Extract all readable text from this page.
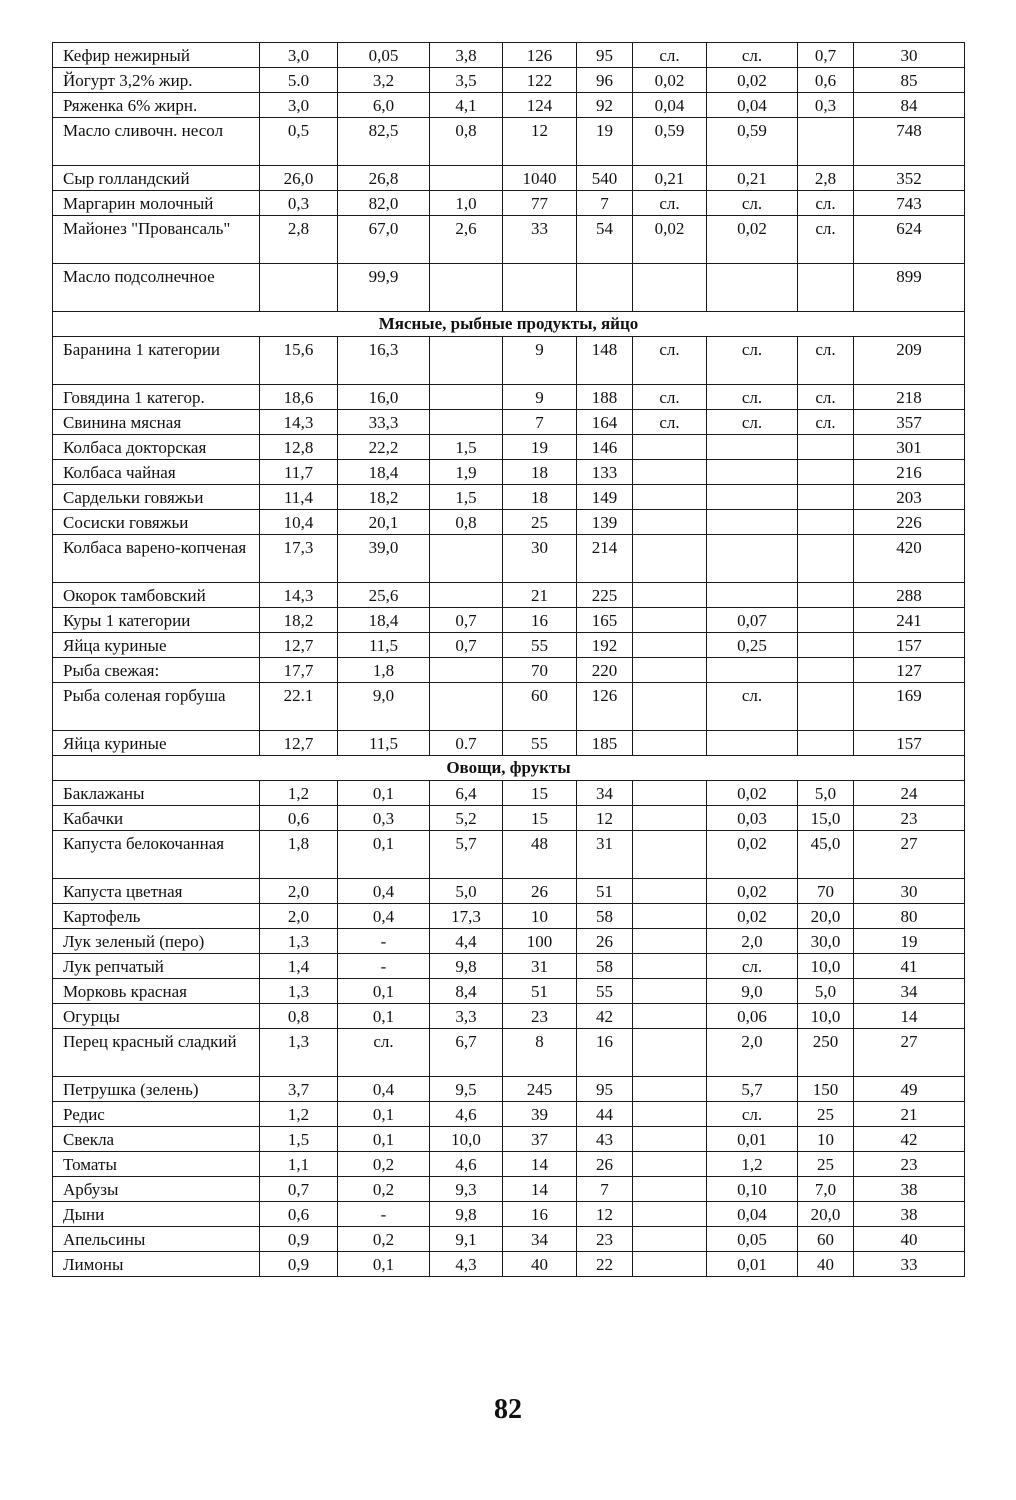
Кефир нежирный	3,0	0,05	3,8	126	95	сл.	сл.	0,7	30
Йогурт 3,2% жир.	5.0	3,2	3,5	122	96	0,02	0,02	0,6	85
Ряженка 6% жирн.	3,0	6,0	4,1	124	92	0,04	0,04	0,3	84
Масло сливочн. несол	0,5	82,5	0,8	12	19	0,59	0,59		748
Сыр голландский	26,0	26,8		1040	540	0,21	0,21	2,8	352
Маргарин молочный	0,3	82,0	1,0	77	7	сл.	сл.	сл.	743
Майонез "Провансаль"	2,8	67,0	2,6	33	54	0,02	0,02	сл.	624
Масло подсолнечное		99,9							899
Мясные, рыбные продукты, яйцо									
Баранина 1 категории	15,6	16,3		9	148	сл.	сл.	сл.	209
Говядина 1 категор.	18,6	16,0		9	188	сл.	сл.	сл.	218
Свинина мясная	14,3	33,3		7	164	сл.	сл.	сл.	357
Колбаса докторская	12,8	22,2	1,5	19	146				301
Колбаса чайная	11,7	18,4	1,9	18	133				216
Сардельки говяжьи	11,4	18,2	1,5	18	149				203
Сосиски говяжьи	10,4	20,1	0,8	25	139				226
Колбаса варено-копченая	17,3	39,0		30	214				420
Окорок тамбовский	14,3	25,6		21	225				288
Куры 1 категории	18,2	18,4	0,7	16	165		0,07		241
Яйца куриные	12,7	11,5	0,7	55	192		0,25		157
Рыба свежая:	17,7	1,8		70	220				127
Рыба соленая горбуша	22.1	9,0		60	126		сл.		169
Яйца куриные	12,7	11,5	0.7	55	185				157
Овощи, фрукты									
Баклажаны	1,2	0,1	6,4	15	34		0,02	5,0	24
Кабачки	0,6	0,3	5,2	15	12		0,03	15,0	23
Капуста белокочанная	1,8	0,1	5,7	48	31		0,02	45,0	27
Капуста цветная	2,0	0,4	5,0	26	51		0,02	70	30
Картофель	2,0	0,4	17,3	10	58		0,02	20,0	80
Лук зеленый (перо)	1,3	-	4,4	100	26		2,0	30,0	19
Лук репчатый	1,4	-	9,8	31	58		сл.	10,0	41
Морковь красная	1,3	0,1	8,4	51	55		9,0	5,0	34
Огурцы	0,8	0,1	3,3	23	42		0,06	10,0	14
Перец красный сладкий	1,3	сл.	6,7	8	16		2,0	250	27
Петрушка (зелень)	3,7	0,4	9,5	245	95		5,7	150	49
Редис	1,2	0,1	4,6	39	44		сл.	25	21
Свекла	1,5	0,1	10,0	37	43		0,01	10	42
Томаты	1,1	0,2	4,6	14	26		1,2	25	23
Арбузы	0,7	0,2	9,3	14	7		0,10	7,0	38
Дыни	0,6	-	9,8	16	12		0,04	20,0	38
Апельсины	0,9	0,2	9,1	34	23		0,05	60	40
Лимоны	0,9	0,1	4,3	40	22		0,01	40	33
82
